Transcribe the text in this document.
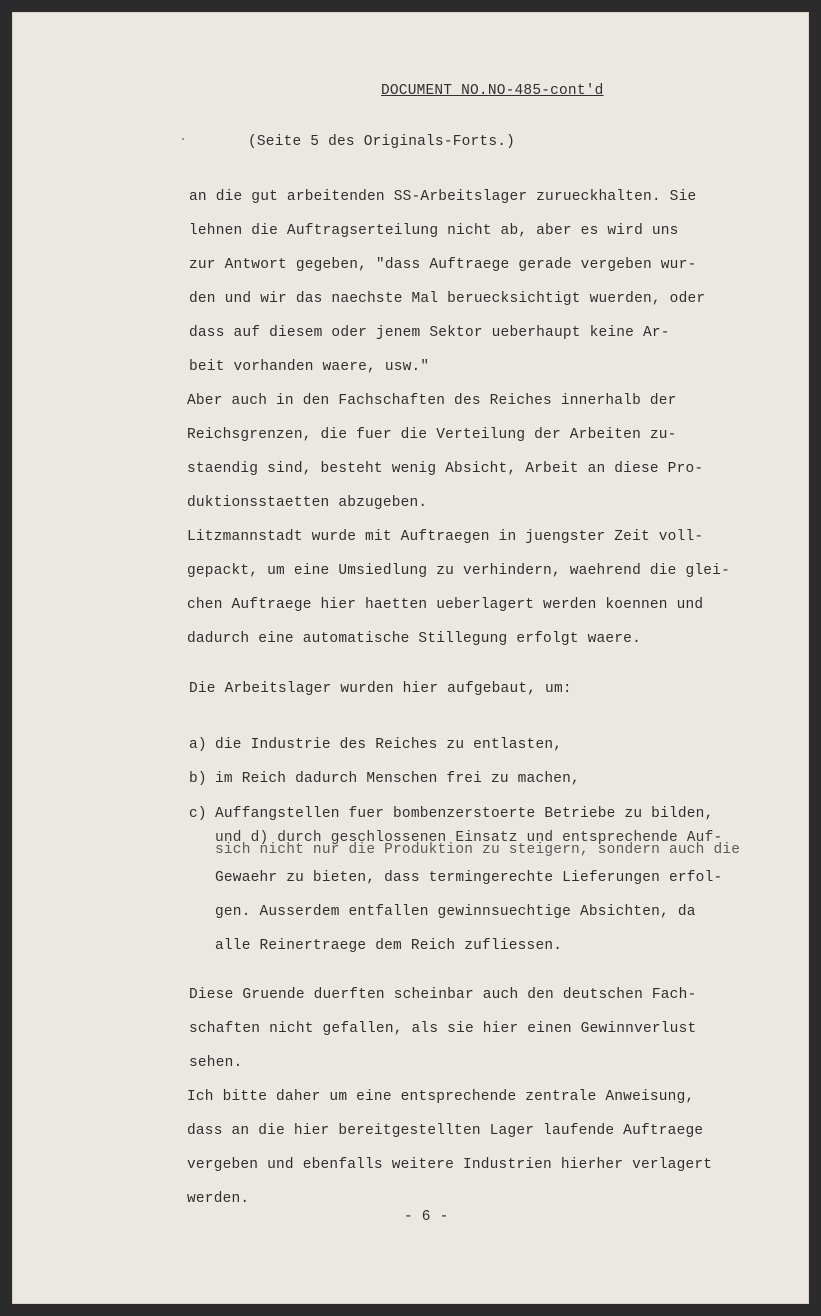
DOCUMENT NO.NO-485-cont'd
(Seite 5 des Originals-Forts.)
an die gut arbeitenden SS-Arbeitslager zurueckhalten. Sie
lehnen die Auftragserteilung nicht ab, aber es wird uns
zur Antwort gegeben, "dass Auftraege gerade vergeben wur-
den und wir das naechste Mal beruecksichtigt wuerden, oder
dass auf diesem oder jenem Sektor ueberhaupt keine Ar-
beit vorhanden waere, usw."
Aber auch in den Fachschaften des Reiches innerhalb der
Reichsgrenzen, die fuer die Verteilung der Arbeiten zu-
staendig sind, besteht wenig Absicht, Arbeit an diese Pro-
duktionsstaetten abzugeben.
Litzmannstadt wurde mit Auftraegen in juengster Zeit voll-
gepackt, um eine Umsiedlung zu verhindern, waehrend die glei-
chen Auftraege hier haetten ueberlagert werden koennen und
dadurch eine automatische Stillegung erfolgt waere.
Die Arbeitslager wurden hier aufgebaut, um:
a) die Industrie des Reiches zu entlasten,
b) im Reich dadurch Menschen frei zu machen,
c) Auffangstellen fuer bombenzerstoerte Betriebe zu bilden,
und d) durch geschlossenen Einsatz und entsprechende Auf-
sich nicht nur die Produktion zu steigern, sondern auch die
Gewaehr zu bieten, dass termingerechte Lieferungen erfol-
gen. Ausserdem entfallen gewinnsuechtige Absichten, da
alle Reinertraege dem Reich zufliessen.
Diese Gruende duerften scheinbar auch den deutschen Fach-
schaften nicht gefallen, als sie hier einen Gewinnverlust
sehen.
Ich bitte daher um eine entsprechende zentrale Anweisung,
dass an die hier bereitgestellten Lager laufende Auftraege
vergeben und ebenfalls weitere Industrien hierher verlagert
werden.
- 6 -
